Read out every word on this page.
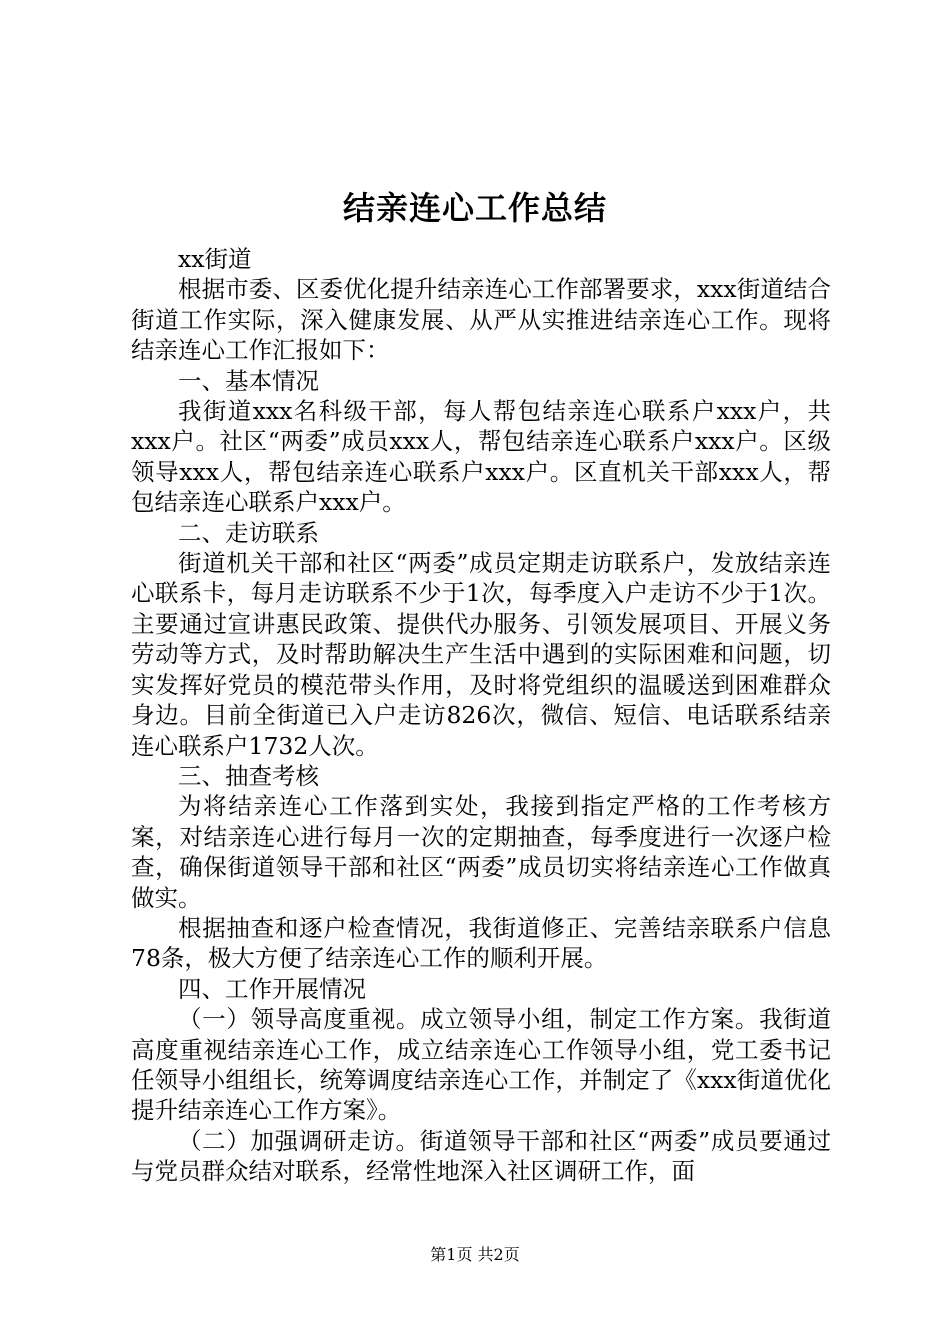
结亲连心工作总结

xx街道

根据市委、区委优化提升结亲连心工作部署要求，xxx街道结合街道工作实际，深入健康发展、从严从实推进结亲连心工作。现将结亲连心工作汇报如下：

一、基本情况

我街道xxx名科级干部，每人帮包结亲连心联系户xxx户，共xxx户。社区“两委”成员xxx人，帮包结亲连心联系户xxx户。区级领导xxx人，帮包结亲连心联系户xxx户。区直机关干部xxx人，帮包结亲连心联系户xxx户。

二、走访联系

街道机关干部和社区“两委”成员定期走访联系户，发放结亲连心联系卡，每月走访联系不少于1次，每季度入户走访不少于1次。主要通过宣讲惠民政策、提供代办服务、引领发展项目、开展义务劳动等方式，及时帮助解决生产生活中遇到的实际困难和问题，切实发挥好党员的模范带头作用，及时将党组织的温暖送到困难群众身边。目前全街道已入户走访826次，微信、短信、电话联系结亲连心联系户1732人次。

三、抽查考核

为将结亲连心工作落到实处，我接到指定严格的工作考核方案，对结亲连心进行每月一次的定期抽查，每季度进行一次逐户检查，确保街道领导干部和社区“两委”成员切实将结亲连心工作做真做实。

根据抽查和逐户检查情况，我街道修正、完善结亲联系户信息78条，极大方便了结亲连心工作的顺利开展。

四、工作开展情况

（一）领导高度重视。成立领导小组，制定工作方案。我街道高度重视结亲连心工作，成立结亲连心工作领导小组，党工委书记任领导小组组长，统筹调度结亲连心工作，并制定了《xxx街道优化提升结亲连心工作方案》。

（二）加强调研走访。街道领导干部和社区“两委”成员要通过与党员群众结对联系，经常性地深入社区调研工作，面

第1页 共2页
